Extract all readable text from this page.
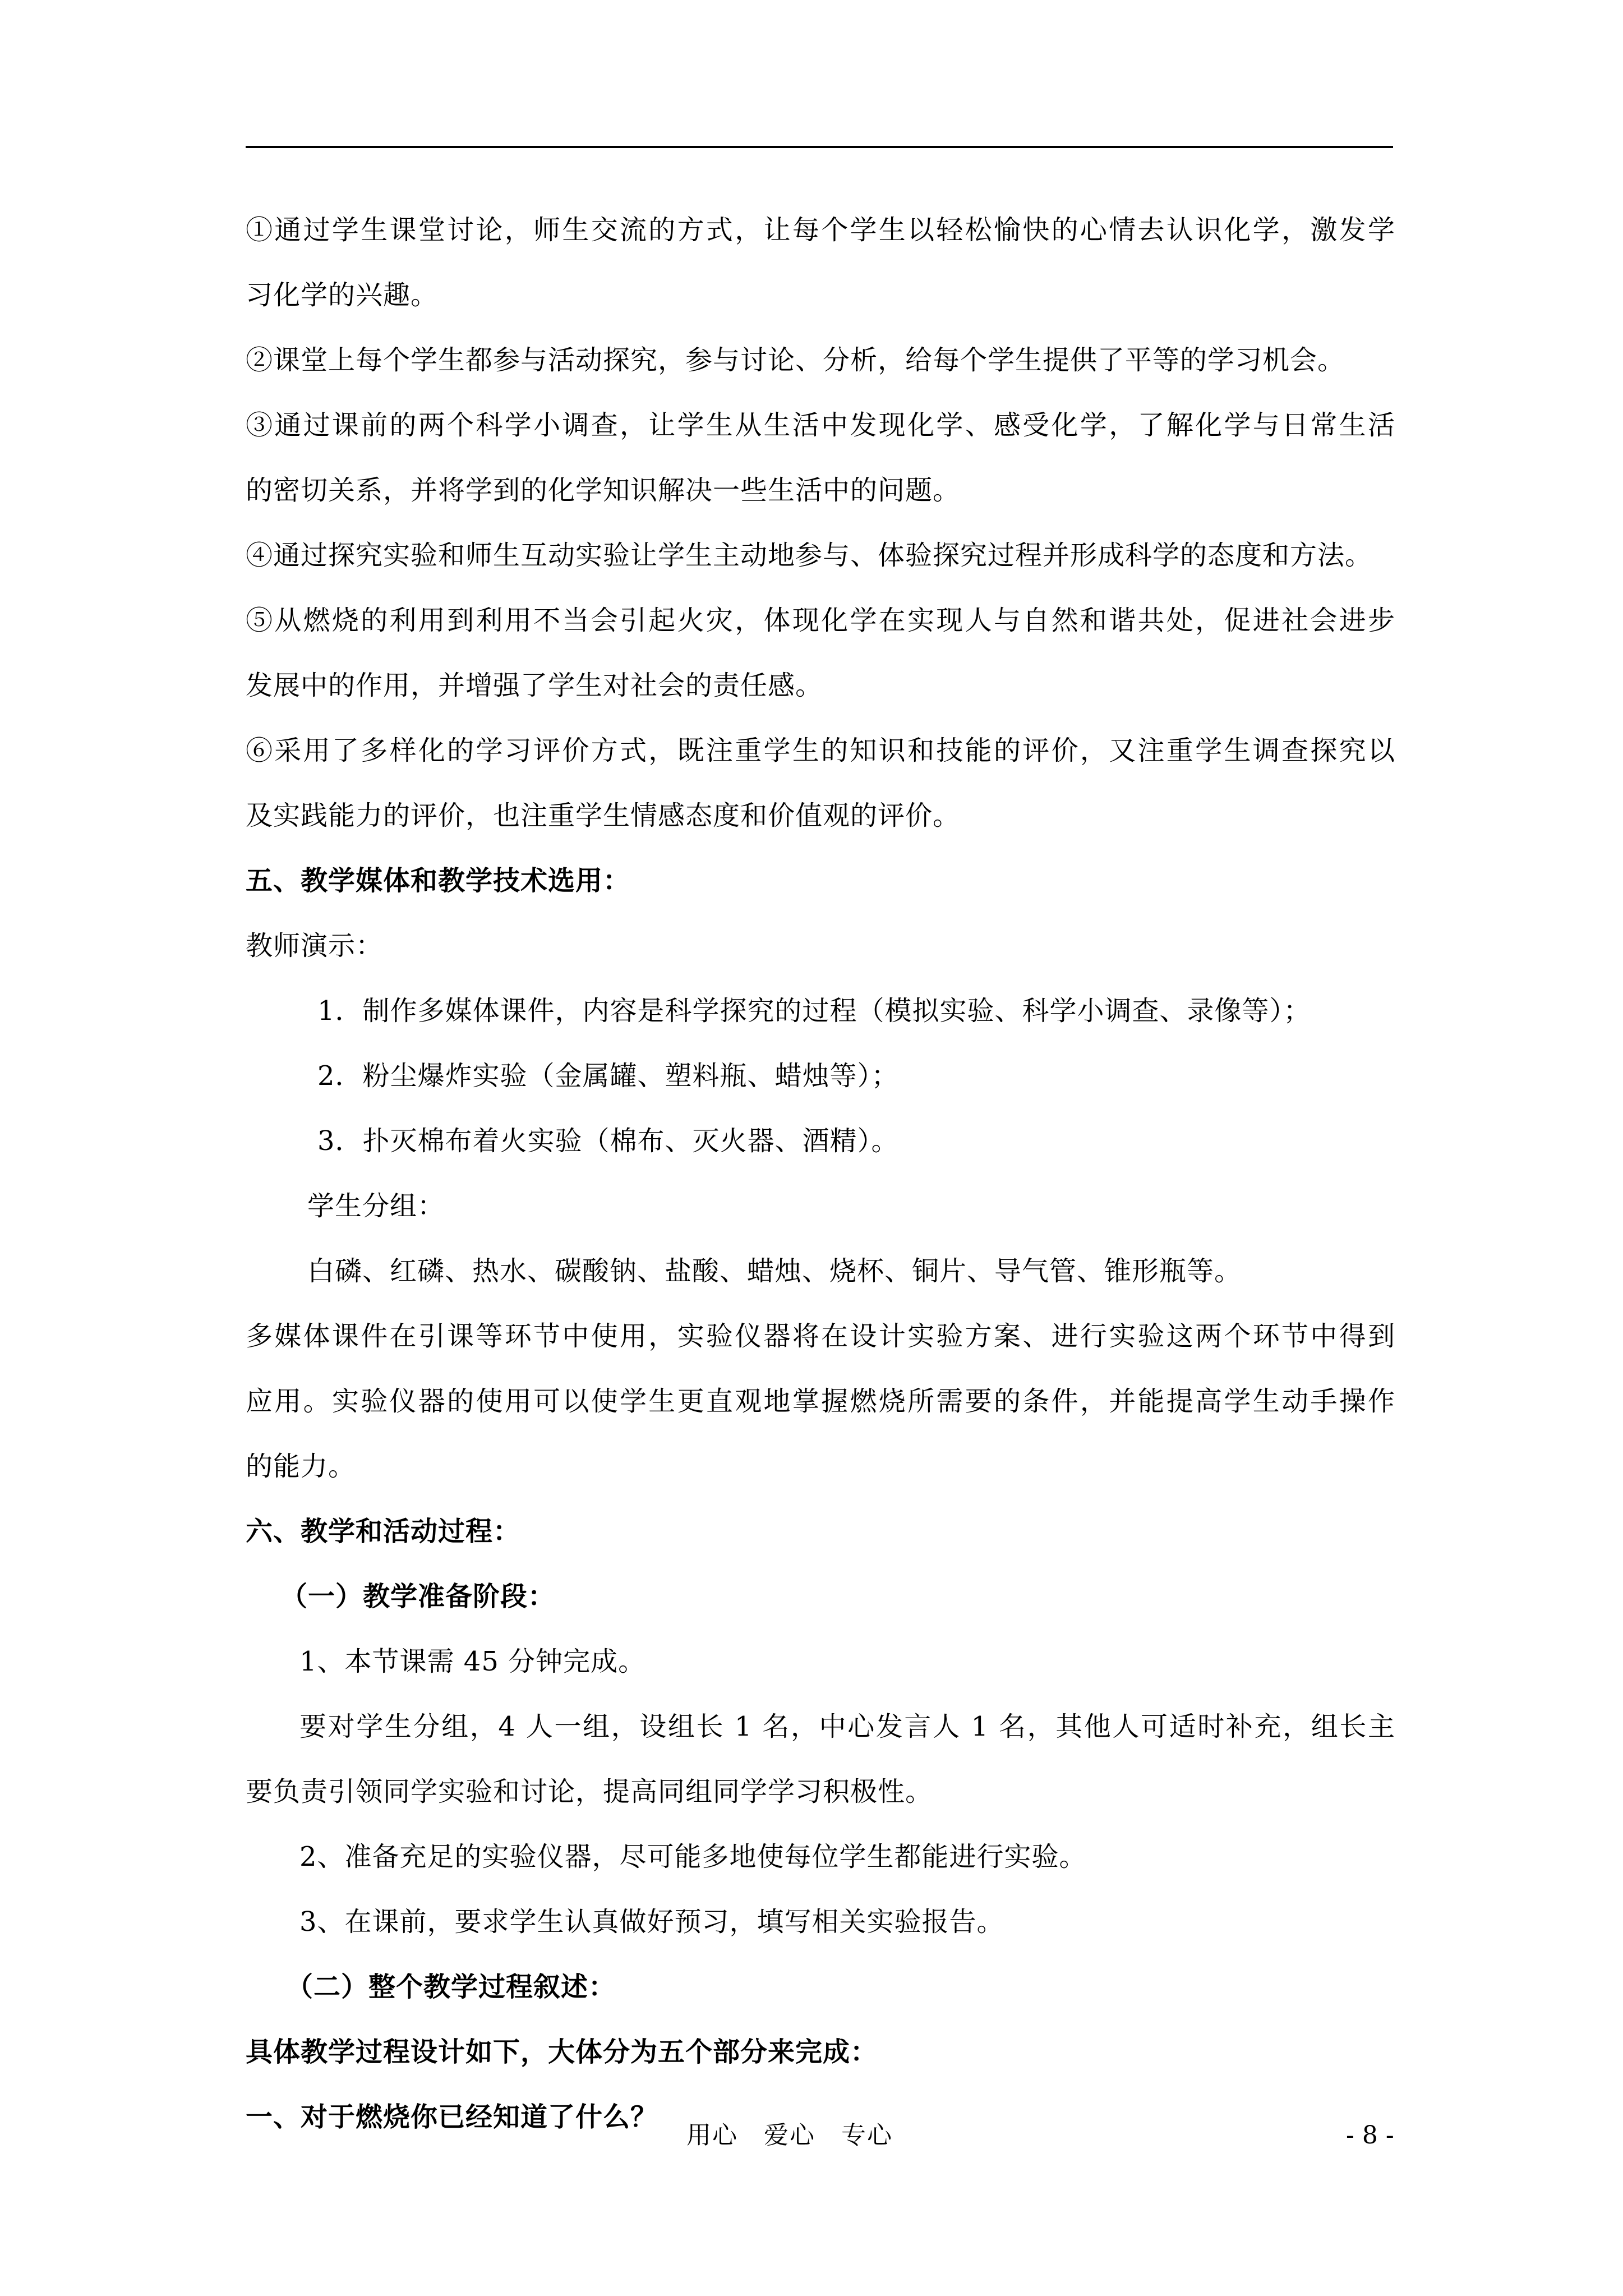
①通过学生课堂讨论，师生交流的方式，让每个学生以轻松愉快的心情去认识化学，激发学
习化学的兴趣。
②课堂上每个学生都参与活动探究，参与讨论、分析，给每个学生提供了平等的学习机会。
③通过课前的两个科学小调查，让学生从生活中发现化学、感受化学，了解化学与日常生活
的密切关系，并将学到的化学知识解决一些生活中的问题。
④通过探究实验和师生互动实验让学生主动地参与、体验探究过程并形成科学的态度和方法。
⑤从燃烧的利用到利用不当会引起火灾，体现化学在实现人与自然和谐共处，促进社会进步
发展中的作用，并增强了学生对社会的责任感。
⑥采用了多样化的学习评价方式，既注重学生的知识和技能的评价，又注重学生调查探究以
及实践能力的评价，也注重学生情感态度和价值观的评价。
五、教学媒体和教学技术选用：
教师演示：
1．制作多媒体课件，内容是科学探究的过程（模拟实验、科学小调查、录像等）；
2．粉尘爆炸实验（金属罐、塑料瓶、蜡烛等）；
3．扑灭棉布着火实验（棉布、灭火器、酒精）。
学生分组：
白磷、红磷、热水、碳酸钠、盐酸、蜡烛、烧杯、铜片、导气管、锥形瓶等。
多媒体课件在引课等环节中使用，实验仪器将在设计实验方案、进行实验这两个环节中得到
应用。实验仪器的使用可以使学生更直观地掌握燃烧所需要的条件，并能提高学生动手操作
的能力。
六、教学和活动过程：
（一）教学准备阶段：
1、本节课需 45 分钟完成。
要对学生分组，4 人一组，设组长 1 名，中心发言人 1 名，其他人可适时补充，组长主
要负责引领同学实验和讨论，提高同组同学学习积极性。
2、准备充足的实验仪器，尽可能多地使每位学生都能进行实验。
3、在课前，要求学生认真做好预习，填写相关实验报告。
（二）整个教学过程叙述：
具体教学过程设计如下，大体分为五个部分来完成：
一、对于燃烧你已经知道了什么？
用心　爱心　专心	- 8 -
